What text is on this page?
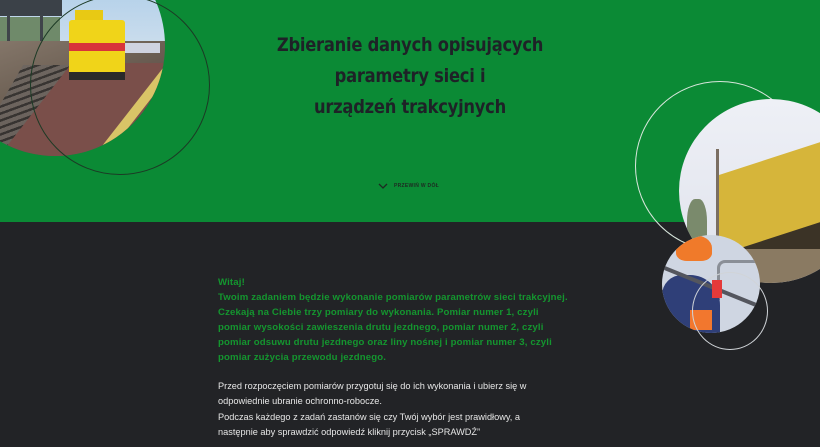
Zbieranie danych opisujących parametry sieci i
urządzeń trakcyjnych
PRZEWIŃ W DÓŁ
Witaj!
Twoim zadaniem będzie wykonanie pomiarów parametrów sieci trakcyjnej.
Czekają na Ciebie trzy pomiary do wykonania. Pomiar numer 1, czyli
pomiar wysokości zawieszenia drutu jezdnego, pomiar numer 2, czyli
pomiar odsuwu drutu jezdnego oraz liny nośnej i pomiar numer 3, czyli
pomiar zużycia przewodu jezdnego.
Przed rozpoczęciem pomiarów przygotuj się do ich wykonania i ubierz się w
odpowiednie ubranie ochronno-robocze.
Podczas każdego z zadań zastanów się czy Twój wybór jest prawidłowy, a
następnie aby sprawdzić odpowiedź kliknij przycisk „SPRAWDŹ”
